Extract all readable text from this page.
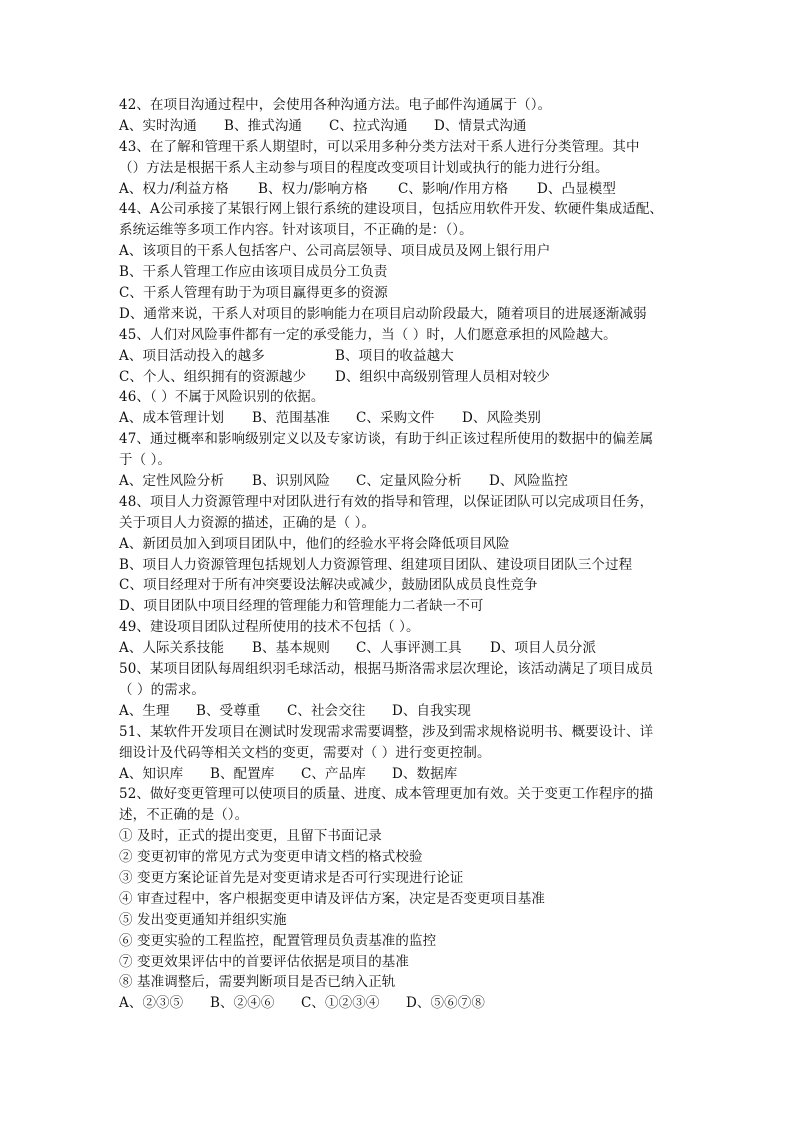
42、在项目沟通过程中，会使用各种沟通方法。电子邮件沟通属于（）。
A、实时沟通	B、推式沟通	C、拉式沟通	D、情景式沟通
43、在了解和管理干系人期望时，可以采用多种分类方法对干系人进行分类管理。其中
（）方法是根据干系人主动参与项目的程度改变项目计划或执行的能力进行分组。
A、权力/利益方格	B、权力/影响方格	C、影响/作用方格	D、凸显模型
44、A公司承接了某银行网上银行系统的建设项目，包括应用软件开发、软硬件集成适配、
系统运维等多项工作内容。针对该项目，不正确的是：（）。
A、该项目的干系人包括客户、公司高层领导、项目成员及网上银行用户
B、干系人管理工作应由该项目成员分工负责
C、干系人管理有助于为项目赢得更多的资源
D、通常来说，干系人对项目的影响能力在项目启动阶段最大，随着项目的进展逐渐减弱
45、人们对风险事件都有一定的承受能力，当（ ）时，人们愿意承担的风险越大。
A、项目活动投入的越多	B、项目的收益越大
C、个人、组织拥有的资源越少	D、组织中高级别管理人员相对较少
46、（ ）不属于风险识别的依据。
A、成本管理计划	B、范围基准	C、采购文件	D、风险类别
47、通过概率和影响级别定义以及专家访谈，有助于纠正该过程所使用的数据中的偏差属
于（ ）。
A、定性风险分析	B、识别风险	C、定量风险分析	D、风险监控
48、项目人力资源管理中对团队进行有效的指导和管理，以保证团队可以完成项目任务，
关于项目人力资源的描述，正确的是（ ）。
A、新团员加入到项目团队中，他们的经验水平将会降低项目风险
B、项目人力资源管理包括规划人力资源管理、组建项目团队、建设项目团队三个过程
C、项目经理对于所有冲突要设法解决或减少，鼓励团队成员良性竞争
D、项目团队中项目经理的管理能力和管理能力二者缺一不可
49、建设项目团队过程所使用的技术不包括（ ）。
A、人际关系技能	B、基本规则	C、人事评测工具	D、项目人员分派
50、某项目团队每周组织羽毛球活动，根据马斯洛需求层次理论，该活动满足了项目成员
（ ）的需求。
A、生理	B、受尊重	C、社会交往	D、自我实现
51、某软件开发项目在测试时发现需求需要调整，涉及到需求规格说明书、概要设计、详
细设计及代码等相关文档的变更，需要对（ ）进行变更控制。
A、知识库	B、配置库	C、产品库	D、数据库
52、做好变更管理可以使项目的质量、进度、成本管理更加有效。关于变更工作程序的描
述，不正确的是（）。
① 及时，正式的提出变更，且留下书面记录
② 变更初审的常见方式为变更申请文档的格式校验
③ 变更方案论证首先是对变更请求是否可行实现进行论证
④ 审查过程中，客户根据变更申请及评估方案，决定是否变更项目基准
⑤ 发出变更通知并组织实施
⑥ 变更实验的工程监控，配置管理员负责基准的监控
⑦ 变更效果评估中的首要评估依据是项目的基准
⑧ 基准调整后，需要判断项目是否已纳入正轨
A、②③⑤	B、②④⑥	C、①②③④	D、⑤⑥⑦⑧
